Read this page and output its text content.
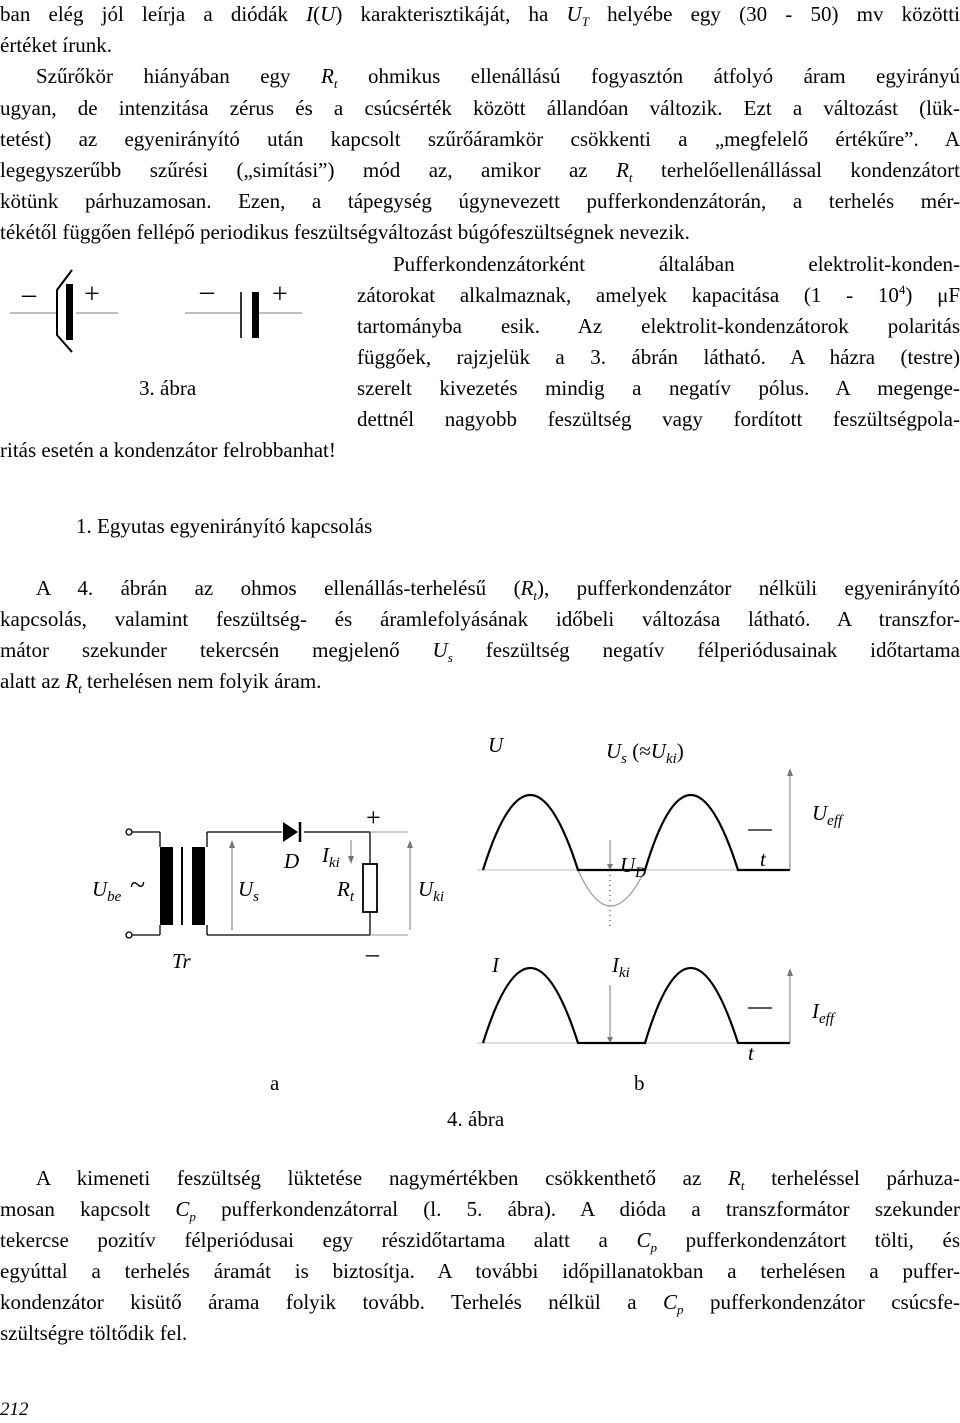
ban elég jól leírja a diódák I(U) karakterisztikáját, ha $U_T$ helyébe egy (30 - 50) mv közötti
értéket írunk.
Szűrőkör hiányában egy $R_t$ ohmikus ellenállású fogyasztón átfolyó áram egyirányú
ugyan, de intenzitása zérus és a csúcsérték között állandóan változik. Ezt a változást (lük-
tetést) az egyenirányító után kapcsolt szűrőáramkör csökkenti a „megfelelő értékűre”. A
legegyszerűbb szűrési („simítási”) mód az, amikor az $R_t$ terhelőellenállással kondenzátort
kötünk párhuzamosan. Ezen, a tápegység úgynevezett pufferkondenzátorán, a terhelés mér-
tékétől függően fellépő periodikus feszültségváltozást búgófeszültségnek nevezik.
Pufferkondenzátorként általában elektrolit-konden-
zátorokat alkalmaznak, amelyek kapacitása $(1 - 10^4)$ μF
tartományba esik. Az elektrolit-kondenzátorok polaritás
függőek, rajzjelük a 3. ábrán látható. A házra (testre)
szerelt kivezetés mindig a negatív pólus. A megenge-
dettnél nagyobb feszültség vagy fordított feszültségpola-
ritás esetén a kondenzátor felrobbanhat!
– +	– +
3. ábra
1. Egyutas egyenirányító kapcsolás
A 4. ábrán az ohmos ellenállás-terhelésű $(R_t)$, pufferkondenzátor nélküli egyenirányító
kapcsolás, valamint feszültség- és áramlefolyásának időbeli változása látható. A transzfor-
mátor szekunder tekercsén megjelenő $U_s$ feszültség negatív félperiódusainak időtartama
alatt az $R_t$ terhelésen nem folyik áram.
$U_{be}$ ~	$U_s$
Tr
D $I_{ki}$
$R_t$	$U_{ki}$
+
–
U	$U_s$ $(\approx U_{ki})$
$U_{eff}$
$U_D$
t
I	$I_{ki}$
$I_{eff}$
t
a	b
4. ábra
A kimeneti feszültség lüktetése nagymértékben csökkenthető az $R_t$ terheléssel párhuza-
mosan kapcsolt $C_p$ pufferkondenzátorral (l. 5. ábra). A dióda a transzformátor szekunder
tekercse pozitív félperiódusai egy részidőtartama alatt a $C_p$ pufferkondenzátort tölti, és
egyúttal a terhelés áramát is biztosítja. A további időpillanatokban a terhelésen a puffer-
kondenzátor kisütő árama folyik tovább. Terhelés nélkül a $C_p$ pufferkondenzátor csúcsfe-
szültségre töltődik fel.
212
